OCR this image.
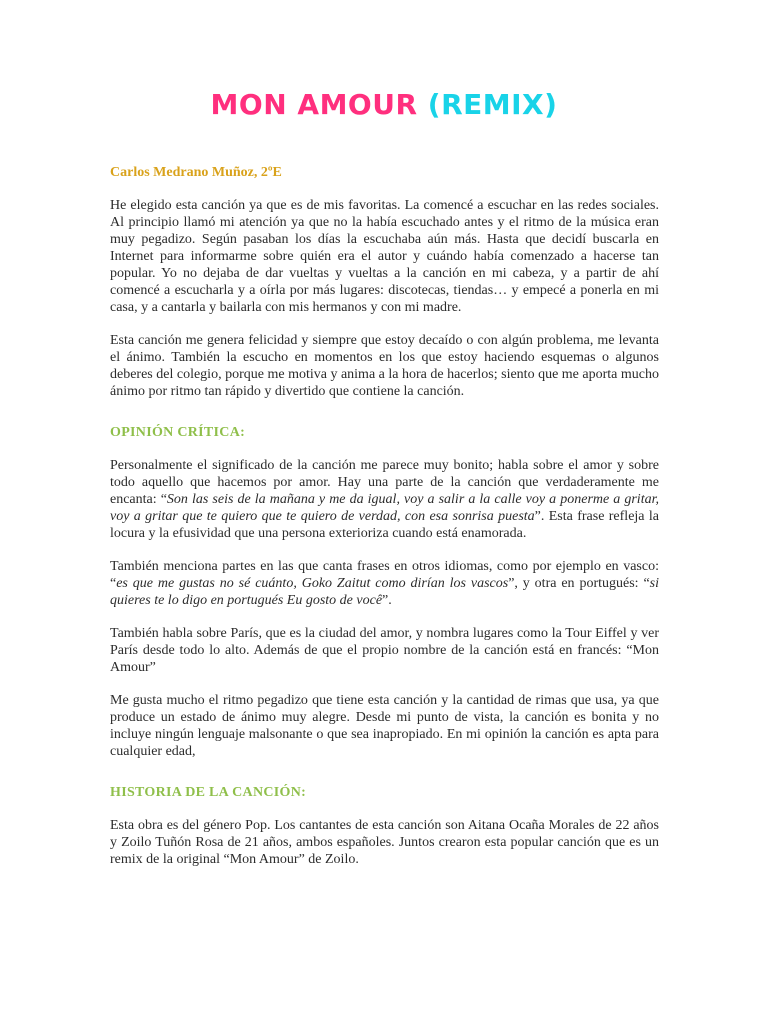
MON AMOUR (REMIX)

Carlos Medrano Muñoz, 2ºE

He elegido esta canción ya que es de mis favoritas. La comencé a escuchar en las redes sociales. Al principio llamó mi atención ya que no la había escuchado antes y el ritmo de la música eran muy pegadizo. Según pasaban los días la escuchaba aún más. Hasta que decidí buscarla en Internet para informarme sobre quién era el autor y cuándo había comenzado a hacerse tan popular. Yo no dejaba de dar vueltas y vueltas a la canción en mi cabeza, y a partir de ahí comencé a escucharla y a oírla por más lugares: discotecas, tiendas… y empecé a ponerla en mi casa, y a cantarla y bailarla con mis hermanos y con mi madre.

Esta canción me genera felicidad y siempre que estoy decaído o con algún problema, me levanta el ánimo. También la escucho en momentos en los que estoy haciendo esquemas o algunos deberes del colegio, porque me motiva y anima a la hora de hacerlos; siento que me aporta mucho ánimo por ritmo tan rápido y divertido que contiene la canción.

OPINIÓN CRÍTICA:

Personalmente el significado de la canción me parece muy bonito; habla sobre el amor y sobre todo aquello que hacemos por amor. Hay una parte de la canción que verdaderamente me encanta: “Son las seis de la mañana y me da igual, voy a salir a la calle voy a ponerme a gritar, voy a gritar que te quiero que te quiero de verdad, con esa sonrisa puesta”. Esta frase refleja la locura y la efusividad que una persona exterioriza cuando está enamorada.

También menciona partes en las que canta frases en otros idiomas, como por ejemplo en vasco: “es que me gustas no sé cuánto, Goko Zaitut como dirían los vascos”, y otra en portugués: “si quieres te lo digo en portugués Eu gosto de você”.

También habla sobre París, que es la ciudad del amor, y nombra lugares como la Tour Eiffel y ver París desde todo lo alto. Además de que el propio nombre de la canción está en francés: “Mon Amour”

Me gusta mucho el ritmo pegadizo que tiene esta canción y la cantidad de rimas que usa, ya que produce un estado de ánimo muy alegre. Desde mi punto de vista, la canción es bonita y no incluye ningún lenguaje malsonante o que sea inapropiado. En mi opinión la canción es apta para cualquier edad,

HISTORIA DE LA CANCIÓN:

Esta obra es del género Pop. Los cantantes de esta canción son Aitana Ocaña Morales de 22 años y Zoilo Tuñón Rosa de 21 años, ambos españoles. Juntos crearon esta popular canción que es un remix de la original “Mon Amour” de Zoilo.
